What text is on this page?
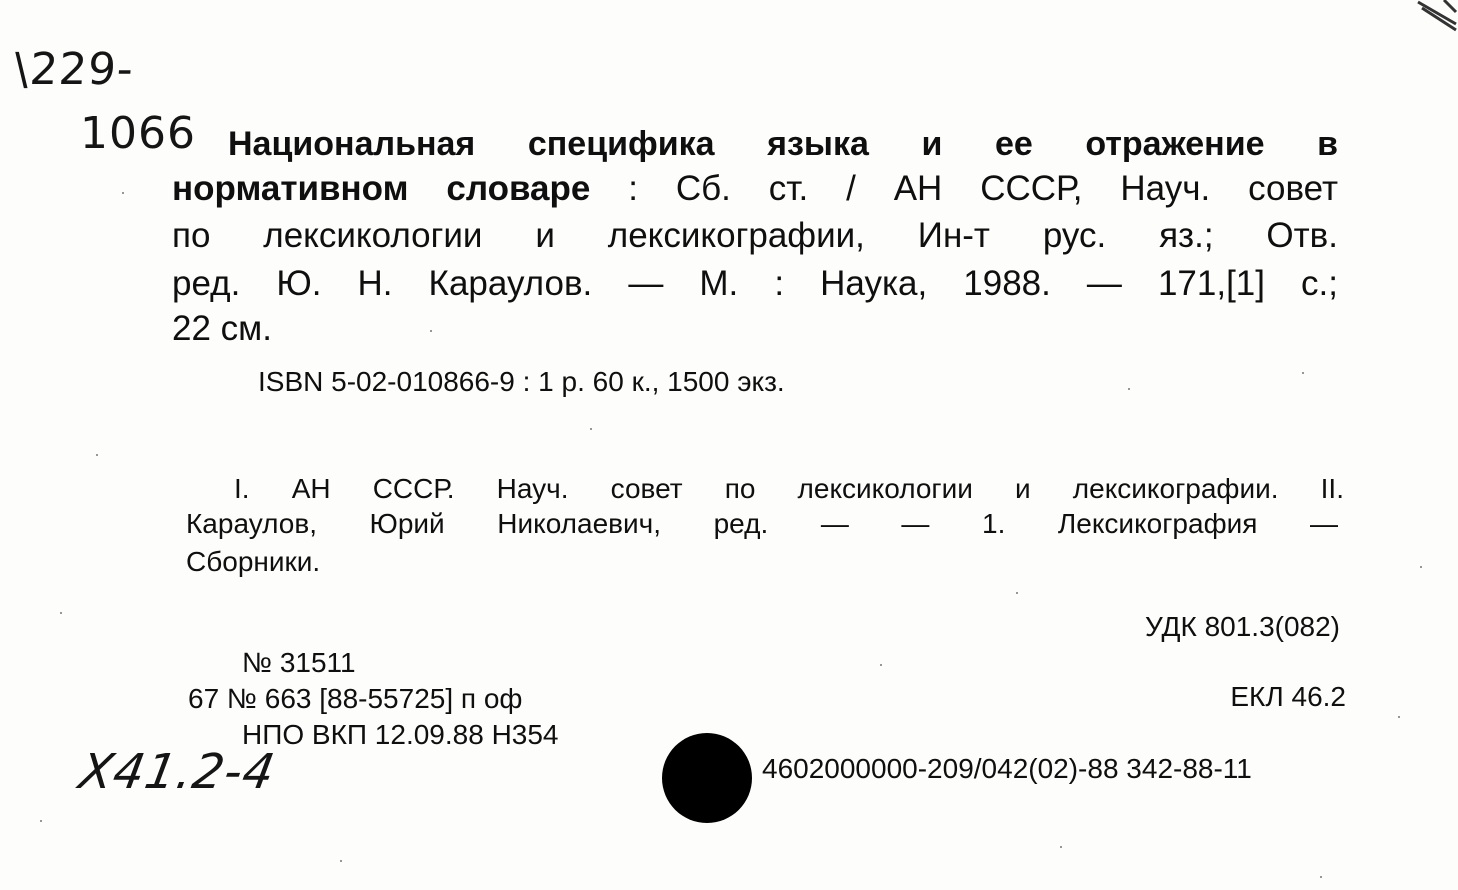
\229-
1066 Национальная специфика языка и ее отражение в
нормативном словаре : Сб. ст. / АН СССР, Науч. совет
по лексикологии и лексикографии, Ин-т рус. яз.; Отв.
ред. Ю. Н. Караулов. — М. : Наука, 1988. — 171,[1] с.;
22 см.
ISBN 5-02-010866-9 : 1 р. 60 к., 1500 экз.
I. АН СССР. Науч. совет по лексикологии и лексикографии. II.
Караулов, Юрий Николаевич, ред. — — 1. Лексикография —
Сборники.
УДК 801.3(082)
ЕКЛ 46.2
№ 31511
67 № 663 [88-55725] п оф
НПО ВКП 12.09.88 Н354
Х41.2-4	4602000000-209/042(02)-88 342-88-11
